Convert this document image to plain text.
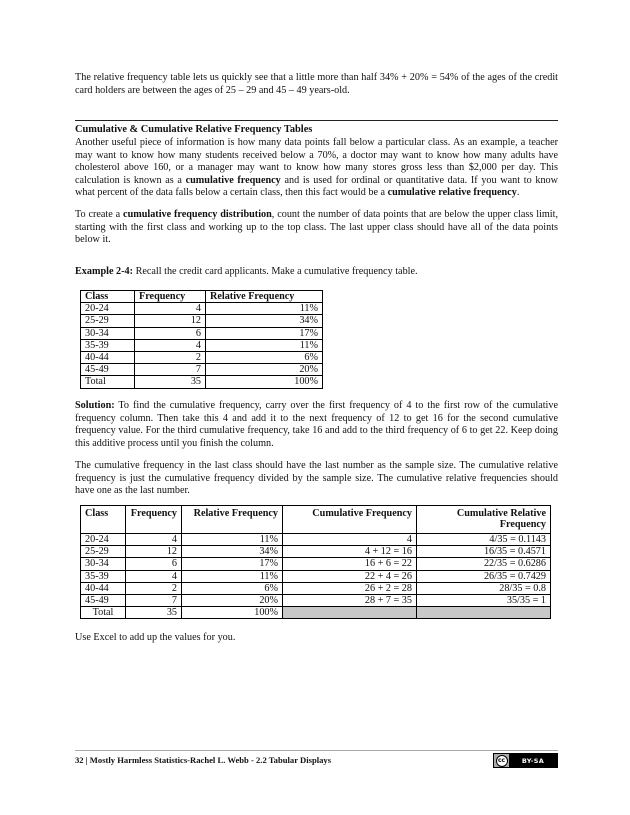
The relative frequency table lets us quickly see that a little more than half 34% + 20% = 54% of the ages of the credit card holders are between the ages of 25 – 29 and 45 – 49 years-old.

Cumulative & Cumulative Relative Frequency Tables

Another useful piece of information is how many data points fall below a particular class. As an example, a teacher may want to know how many students received below a 70%, a doctor may want to know how many adults have cholesterol above 160, or a manager may want to know how many stores gross less than $2,000 per day. This calculation is known as a cumulative frequency and is used for ordinal or quantitative data. If you want to know what percent of the data falls below a certain class, then this fact would be a cumulative relative frequency.

To create a cumulative frequency distribution, count the number of data points that are below the upper class limit, starting with the first class and working up to the top class. The last upper class should have all of the data points below it.

Example 2-4: Recall the credit card applicants. Make a cumulative frequency table.

Class	Frequency	Relative Frequency
20-24	4	11%
25-29	12	34%
30-34	6	17%
35-39	4	11%
40-44	2	6%
45-49	7	20%
Total	35	100%

Solution: To find the cumulative frequency, carry over the first frequency of 4 to the first row of the cumulative frequency column. Then take this 4 and add it to the next frequency of 12 to get 16 for the second cumulative frequency value. For the third cumulative frequency, take 16 and add to the third frequency of 6 to get 22. Keep doing this additive process until you finish the column.

The cumulative frequency in the last class should have the last number as the sample size. The cumulative relative frequency is just the cumulative frequency divided by the sample size. The cumulative relative frequencies should have one as the last number.

Class	Frequency	Relative Frequency	Cumulative Frequency	Cumulative Relative Frequency
20-24	4	11%	4	4/35 = 0.1143
25-29	12	34%	4 + 12 = 16	16/35 = 0.4571
30-34	6	17%	16 + 6 = 22	22/35 = 0.6286
35-39	4	11%	22 + 4 = 26	26/35 = 0.7429
40-44	2	6%	26 + 2 = 28	28/35 = 0.8
45-49	7	20%	28 + 7 = 35	35/35 = 1
Total	35	100%		

Use Excel to add up the values for you.

32 | Mostly Harmless Statistics-Rachel L. Webb - 2.2 Tabular Displays	cc	BY-SA
